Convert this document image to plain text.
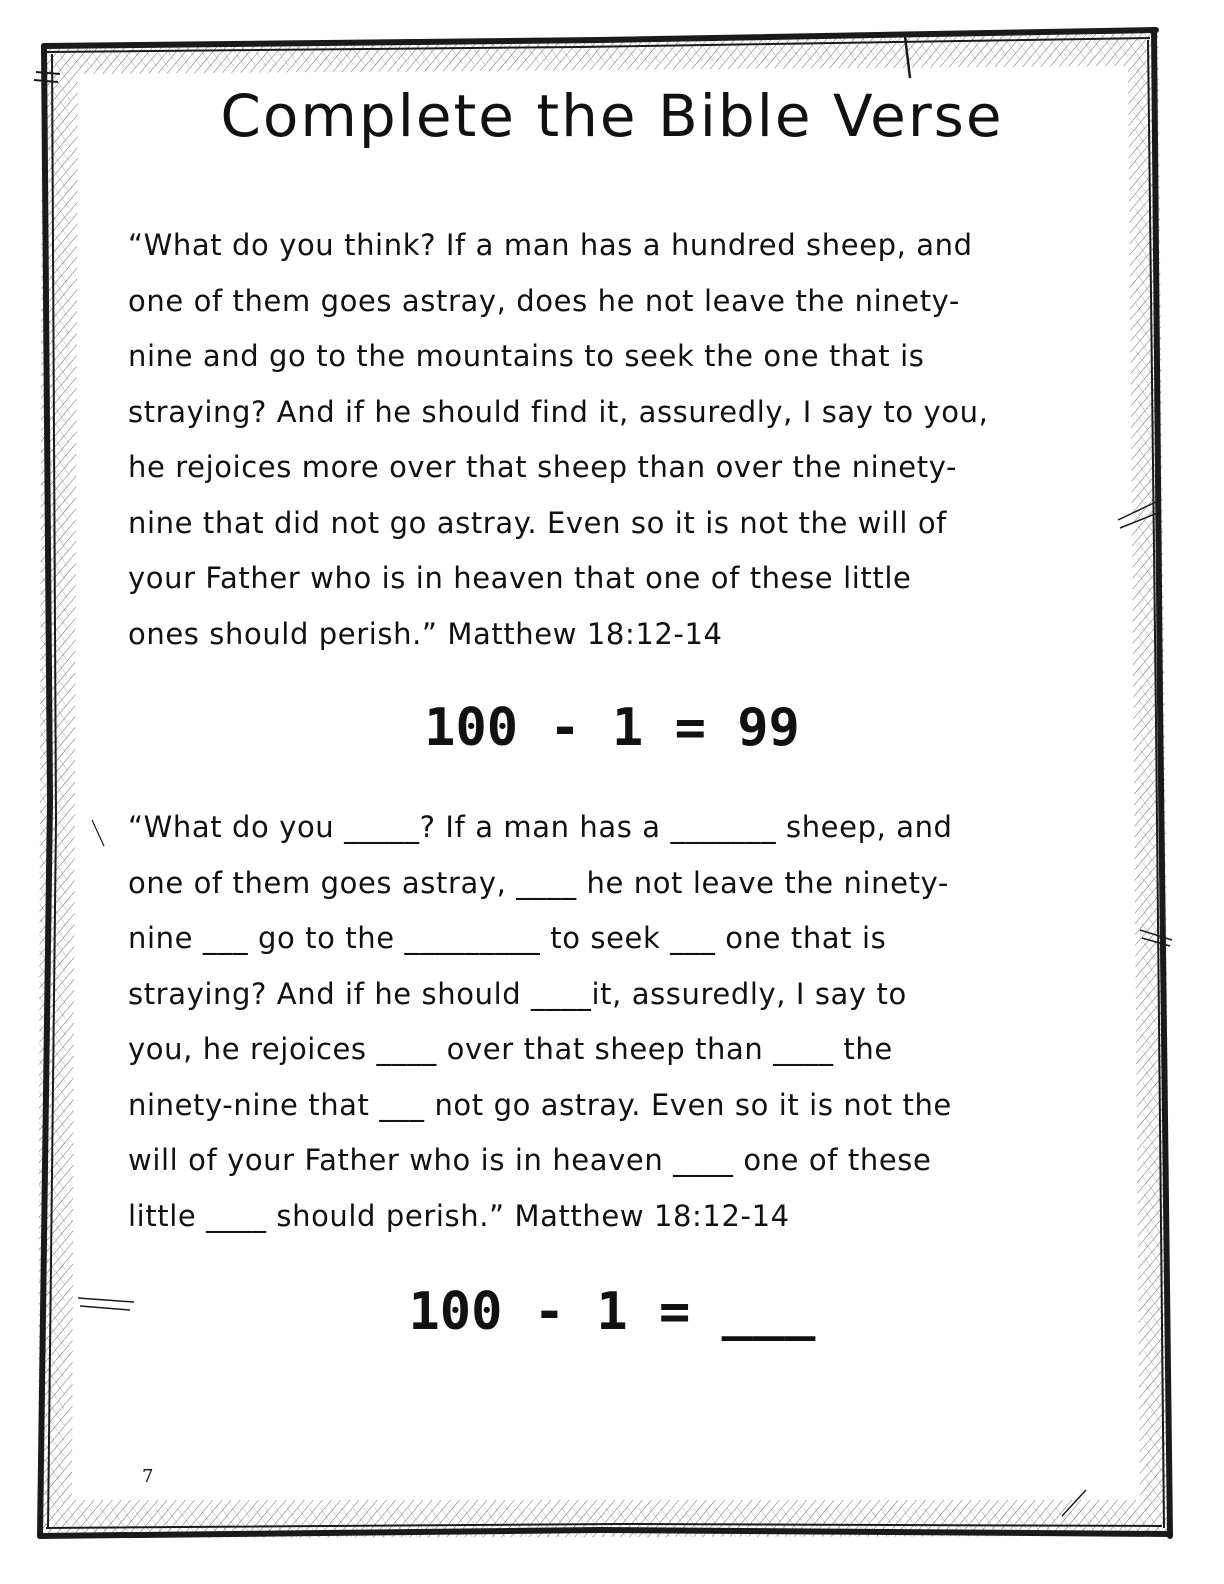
Complete the Bible Verse
“What do you think? If a man has a hundred sheep, and
one of them goes astray, does he not leave the ninety-
nine and go to the mountains to seek the one that is
straying? And if he should find it, assuredly, I say to you,
he rejoices more over that sheep than over the ninety-
nine that did not go astray. Even so it is not the will of
your Father who is in heaven that one of these little
ones should perish.” Matthew 18:12-14
100 - 1 = 99
“What do you _____? If a man has a _______ sheep, and
one of them goes astray, ____ he not leave the ninety-
nine ___ go to the _________ to seek ___ one that is
straying? And if he should ____it, assuredly, I say to
you, he rejoices ____ over that sheep than ____ the
ninety-nine that ___ not go astray. Even so it is not the
will of your Father who is in heaven ____ one of these
little ____ should perish.” Matthew 18:12-14
100 - 1 = ___
7
